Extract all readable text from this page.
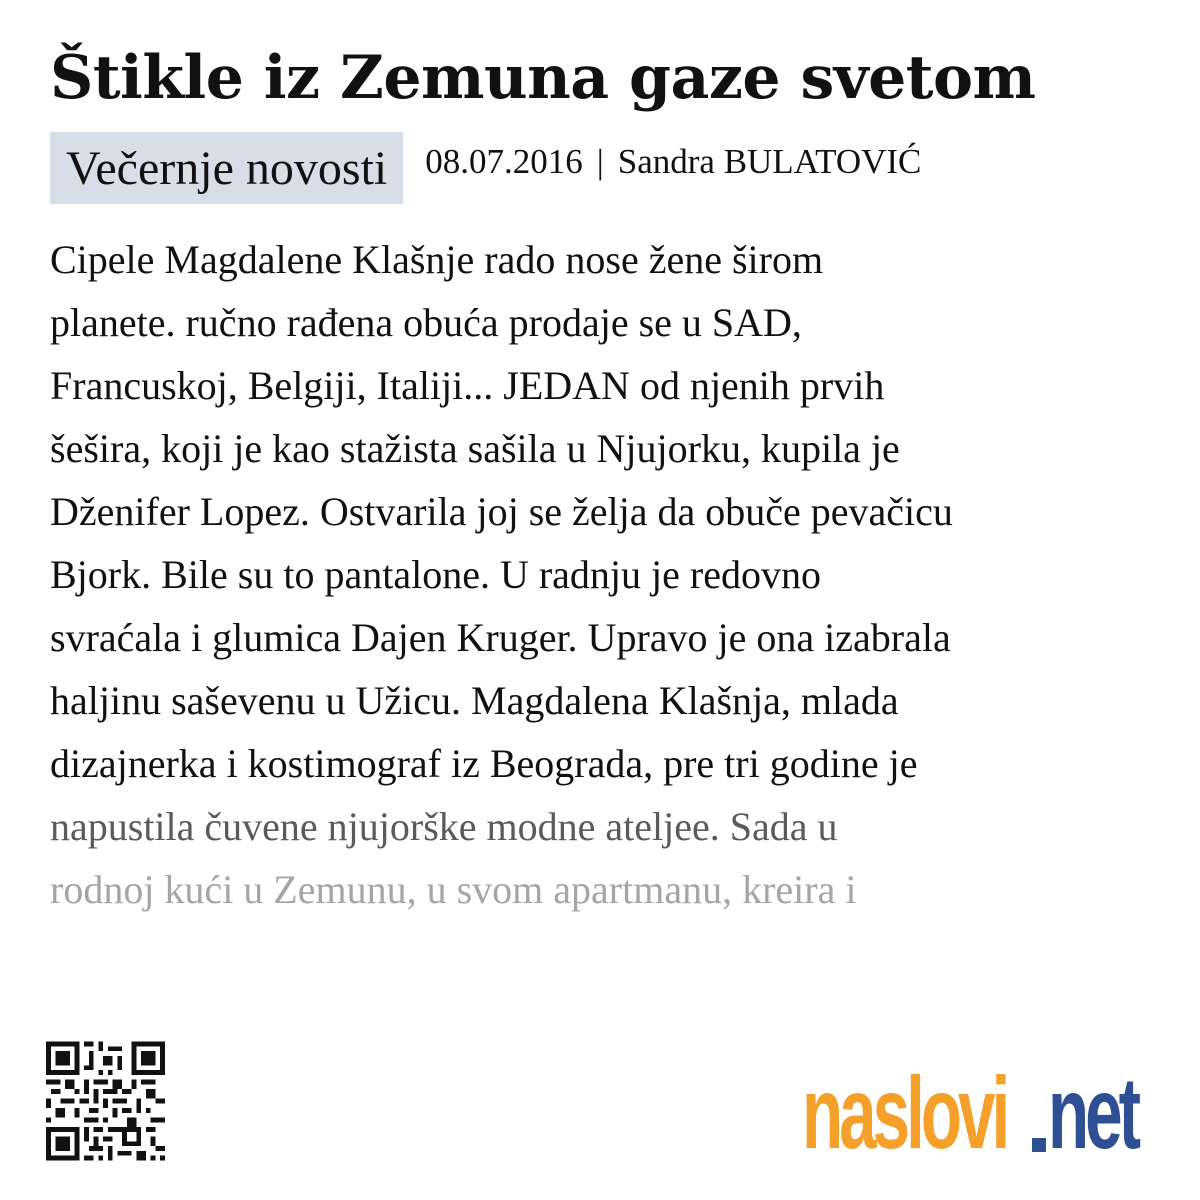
Štikle iz Zemuna gaze svetom
Večernje novosti	08.07.2016 | Sandra BULATOVIĆ
Cipele Magdalene Klašnje rado nose žene širom
planete. ručno rađena obuća prodaje se u SAD,
Francuskoj, Belgiji, Italiji... JEDAN od njenih prvih
šešira, koji je kao stažista sašila u Njujorku, kupila je
Dženifer Lopez. Ostvarila joj se želja da obuče pevačicu
Bjork. Bile su to pantalone. U radnju je redovno
svraćala i glumica Dajen Kruger. Upravo je ona izabrala
haljinu saševenu u Užicu. Magdalena Klašnja, mlada
dizajnerka i kostimograf iz Beograda, pre tri godine je
napustila čuvene njujorške modne ateljee. Sada u
rodnoj kući u Zemunu, u svom apartmanu, kreira i
naslovi net
